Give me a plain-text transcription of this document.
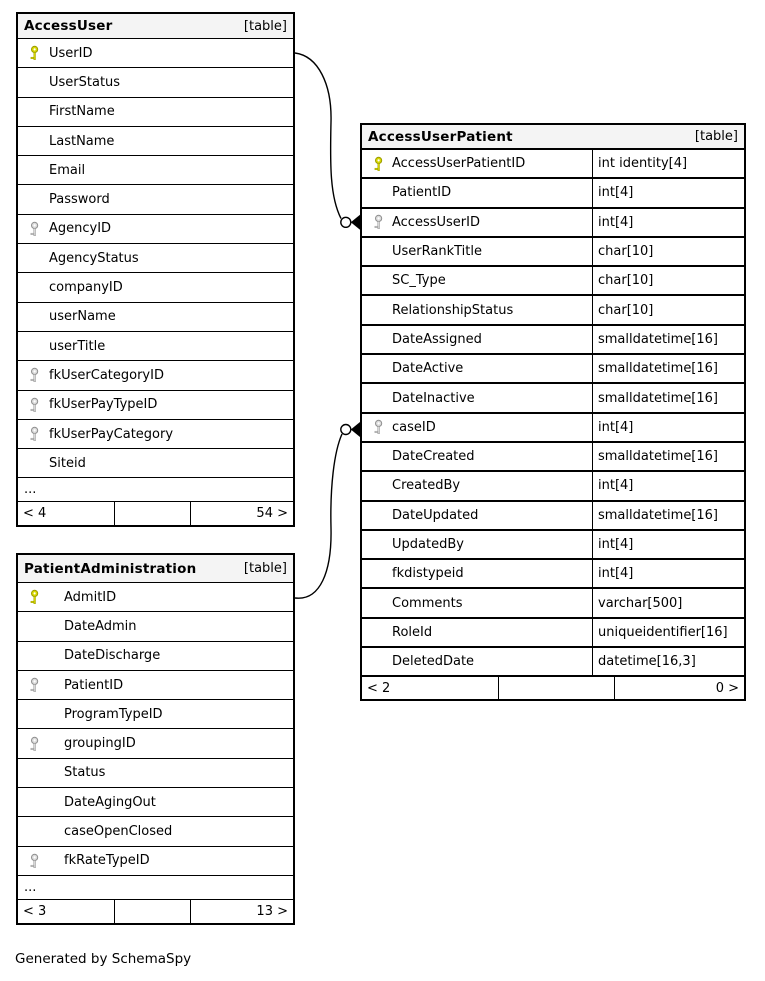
AccessUser	[table]
UserID
UserStatus
FirstName
LastName
Email
Password
AgencyID
AgencyStatus
companyID
userName
userTitle
fkUserCategoryID
fkUserPayTypeID
fkUserPayCategory
Siteid
...
< 4	54 >
AccessUserPatient	[table]
AccessUserPatientID	int identity[4]
PatientID	int[4]
AccessUserID	int[4]
UserRankTitle	char[10]
SC_Type	char[10]
RelationshipStatus	char[10]
DateAssigned	smalldatetime[16]
DateActive	smalldatetime[16]
DateInactive	smalldatetime[16]
caseID	int[4]
DateCreated	smalldatetime[16]
CreatedBy	int[4]
DateUpdated	smalldatetime[16]
UpdatedBy	int[4]
fkdistypeid	int[4]
Comments	varchar[500]
RoleId	uniqueidentifier[16]
DeletedDate	datetime[16,3]
< 2	0 >
PatientAdministration	[table]
AdmitID
DateAdmin
DateDischarge
PatientID
ProgramTypeID
groupingID
Status
DateAgingOut
caseOpenClosed
fkRateTypeID
...
< 3	13 >
Generated by SchemaSpy
